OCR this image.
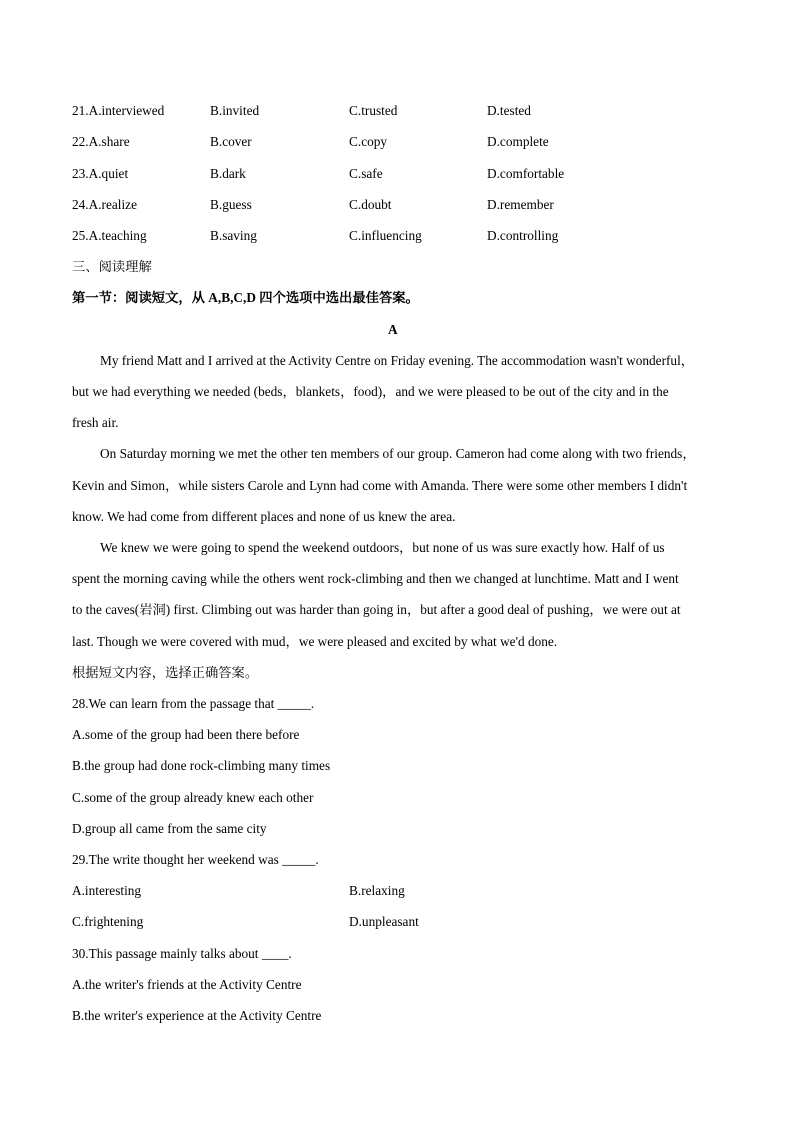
21.A.interviewed	B.invited	C.trusted	D.tested
22.A.share	B.cover	C.copy	D.complete
23.A.quiet	B.dark	C.safe	D.comfortable
24.A.realize	B.guess	C.doubt	D.remember
25.A.teaching	B.saving	C.influencing	D.controlling
三、阅读理解
第一节：阅读短文，从 A,B,C,D 四个选项中选出最佳答案。
A
My friend Matt and I arrived at the Activity Centre on Friday evening. The accommodation wasn't wonderful，
but we had everything we needed (beds，blankets，food)，and we were pleased to be out of the city and in the
fresh air.
On Saturday morning we met the other ten members of our group. Cameron had come along with two friends，
Kevin and Simon，while sisters Carole and Lynn had come with Amanda. There were some other members I didn't
know. We had come from different places and none of us knew the area.
We knew we were going to spend the weekend outdoors，but none of us was sure exactly how. Half of us
spent the morning caving while the others went rock-climbing and then we changed at lunchtime. Matt and I went
to the caves(岩洞) first. Climbing out was harder than going in，but after a good deal of pushing，we were out at
last. Though we were covered with mud，we were pleased and excited by what we'd done.
根据短文内容，选择正确答案。
28.We can learn from the passage that _____.
A.some of the group had been there before
B.the group had done rock-climbing many times
C.some of the group already knew each other
D.group all came from the same city
29.The write thought her weekend was _____.
A.interesting	B.relaxing
C.frightening	D.unpleasant
30.This passage mainly talks about ____.
A.the writer's friends at the Activity Centre
B.the writer's experience at the Activity Centre
